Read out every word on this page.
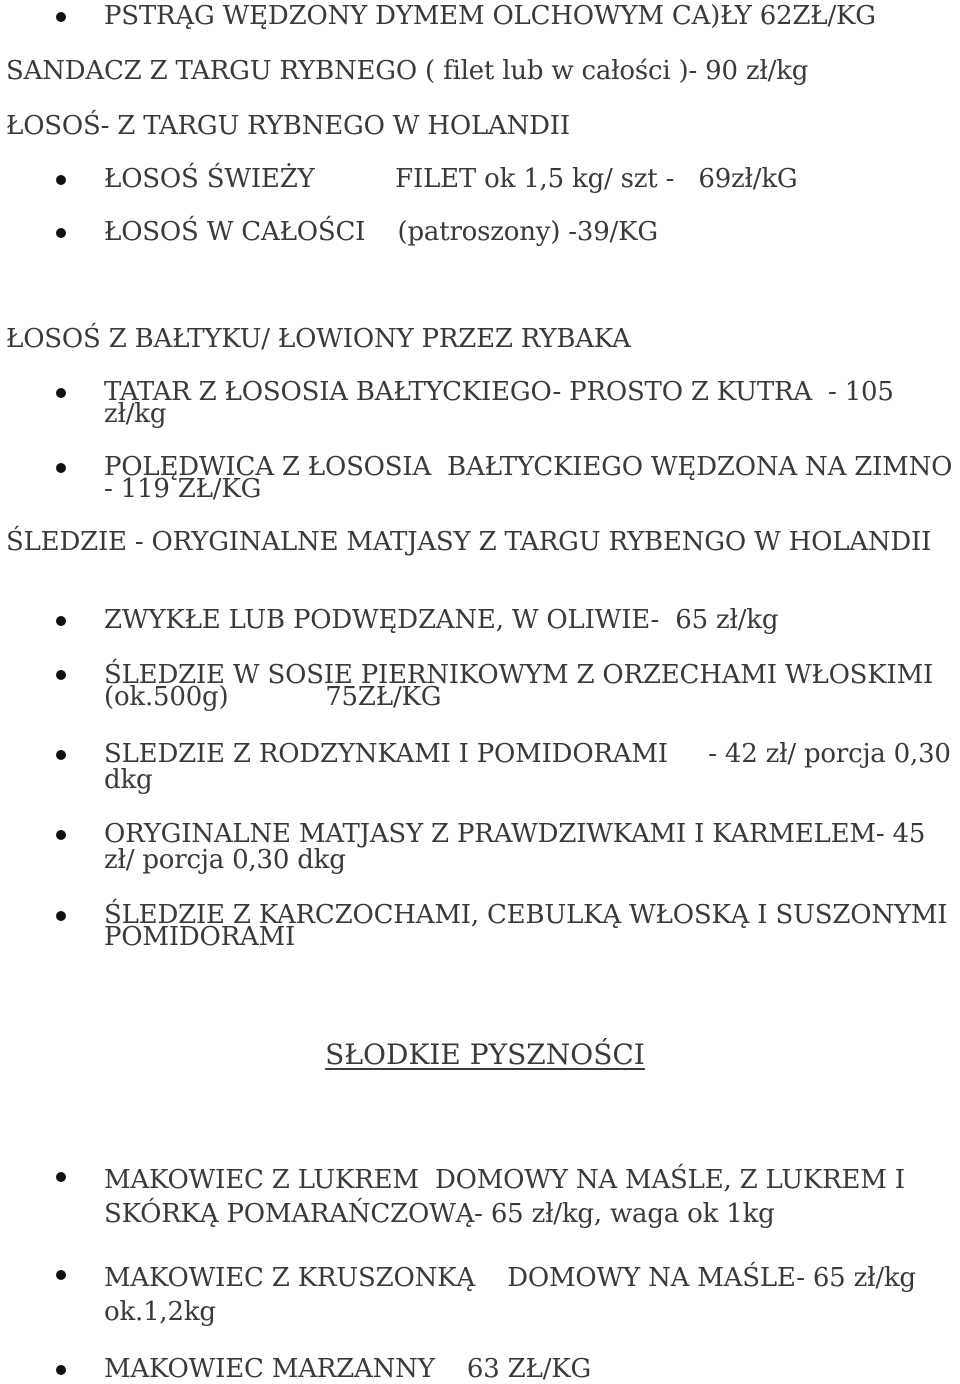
PSTRĄG WĘDZONY DYMEM OLCHOWYM CA)ŁY 62ZŁ/KG

SANDACZ Z TARGU RYBNEGO ( filet lub w całości )- 90 zł/kg

ŁOSOŚ- Z TARGU RYBNEGO W HOLANDII

ŁOSOŚ ŚWIEŻY          FILET ok 1,5 kg/ szt -   69zł/kG

ŁOSOŚ W CAŁOŚCI    (patroszony) -39/KG

ŁOSOŚ Z BAŁTYKU/ ŁOWIONY PRZEZ RYBAKA

TATAR Z ŁOSOSIA BAŁTYCKIEGO- PROSTO Z KUTRA  - 105 zł/kg

POLĘDWICA Z ŁOSOSIA  BAŁTYCKIEGO WĘDZONA NA ZIMNO - 119 ZŁ/KG

ŚLEDZIE - ORYGINALNE MATJASY Z TARGU RYBENGO W HOLANDII

ZWYKŁE LUB PODWĘDZANE, W OLIWIE-  65 zł/kg

ŚLEDZIE W SOSIE PIERNIKOWYM Z ORZECHAMI WŁOSKIMI (ok.500g)            75ZŁ/KG

SLEDZIE Z RODZYNKAMI I POMIDORAMI     - 42 zł/ porcja 0,30 dkg

ORYGINALNE MATJASY Z PRAWDZIWKAMI I KARMELEM- 45 zł/ porcja 0,30 dkg

ŚLEDZIE Z KARCZOCHAMI, CEBULKĄ WŁOSKĄ I SUSZONYMI POMIDORAMI

SŁODKIE PYSZNOŚCI

MAKOWIEC Z LUKREM  DOMOWY NA MAŚLE, Z LUKREM I SKÓRKĄ POMARAŃCZOWĄ- 65 zł/kg, waga ok 1kg

MAKOWIEC Z KRUSZONKĄ    DOMOWY NA MAŚLE- 65 zł/kg ok.1,2kg

MAKOWIEC MARZANNY    63 ZŁ/KG
